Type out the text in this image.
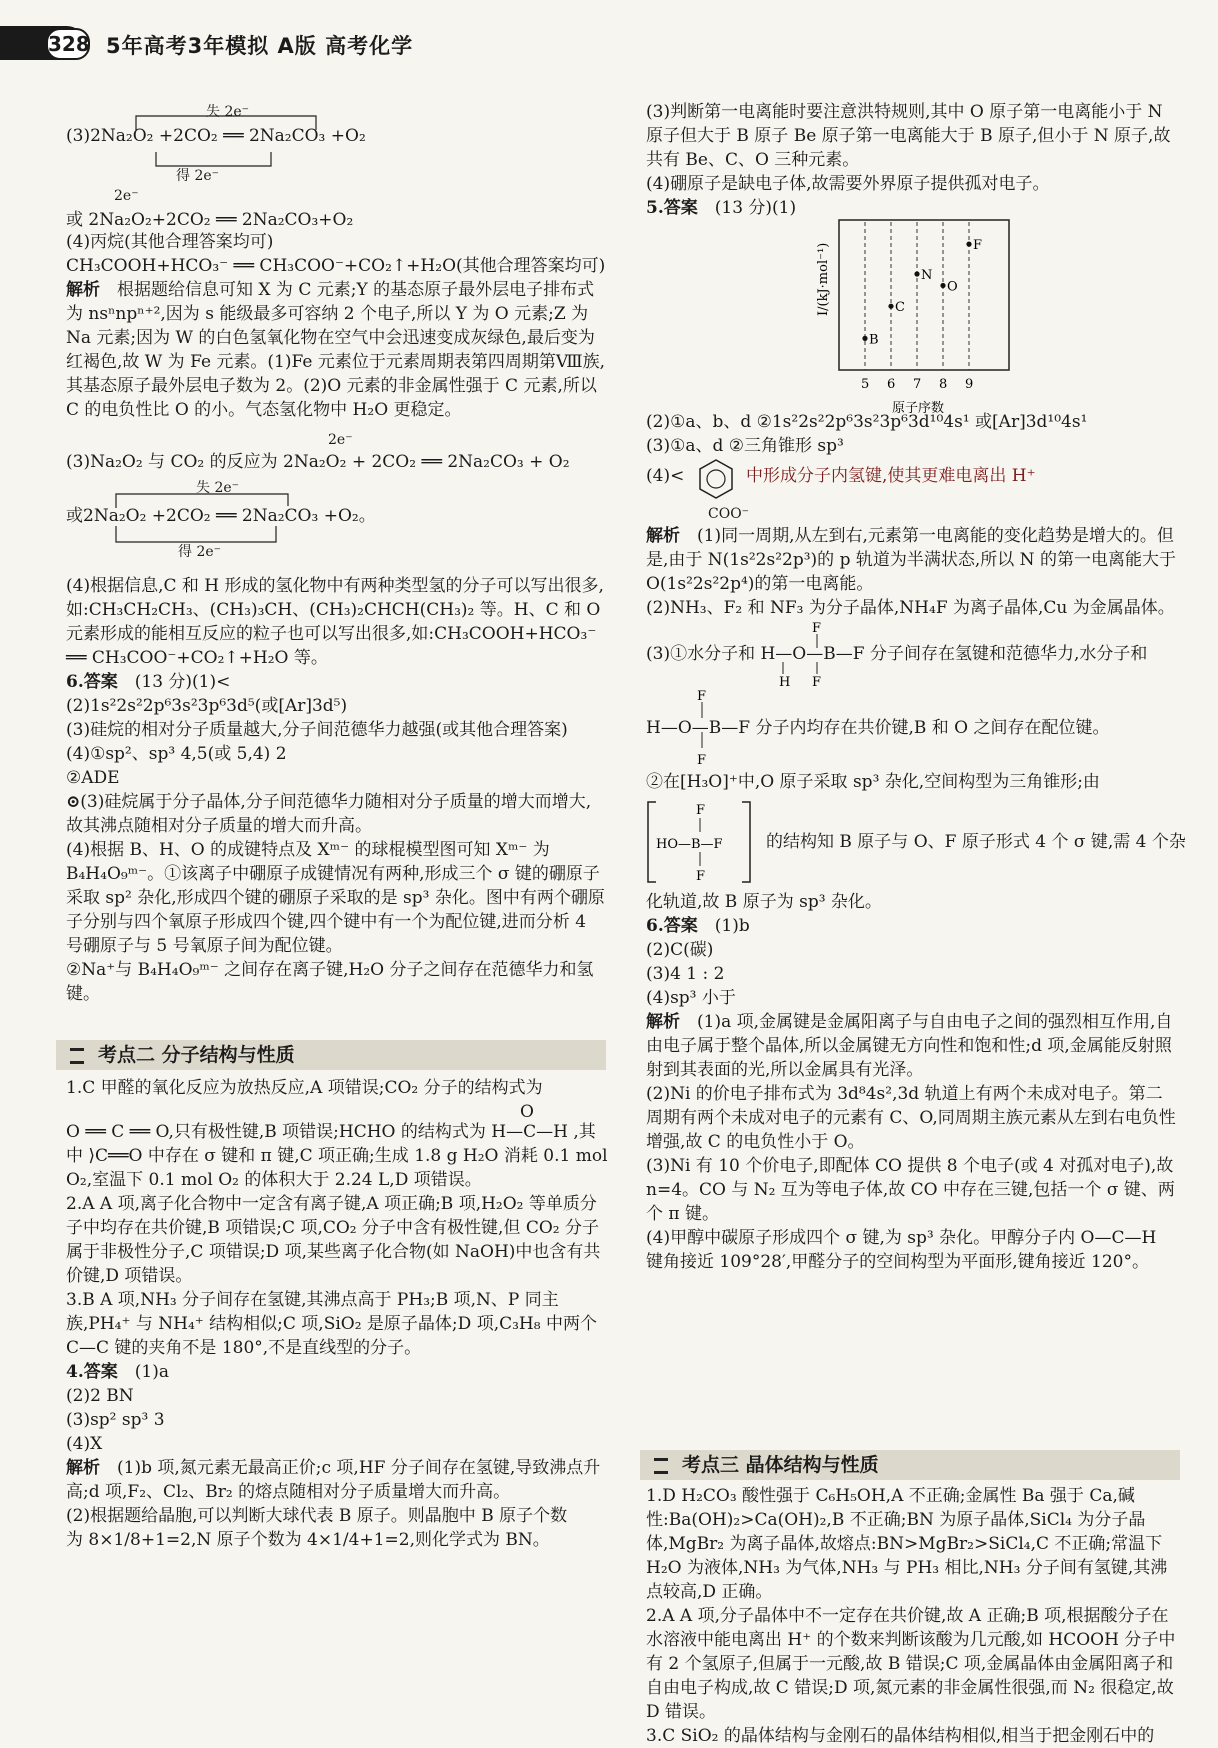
328 5年高考3年模拟 A版 高考化学
失 2e⁻
(3)2Na₂O₂ +2CO₂ ══ 2Na₂CO₃ +O₂
得 2e⁻
2e⁻
或 2Na₂O₂+2CO₂ ══ 2Na₂CO₃+O₂
(4)丙烷(其他合理答案均可)
CH₃COOH+HCO₃⁻ ══ CH₃COO⁻+CO₂↑+H₂O(其他合理答案均可)
解析　 根据题给信息可知 X 为 C 元素;Y 的基态原子最外层电子排布式为 nsⁿnpⁿ⁺²,因为 s 能级最多可容纳 2 个电子,所以 Y 为 O 元素;Z 为 Na 元素;因为 W 的白色氢氧化物在空气中会迅速变成灰绿色,最后变为红褐色,故 W 为 Fe 元素。(1)Fe 元素位于元素周期表第四周期第Ⅷ族,其基态原子最外层电子数为 2。(2)O 元素的非金属性强于 C 元素,所以 C 的电负性比 O 的小。气态氢化物中 H₂O 更稳定。
2e⁻
(3)Na₂O₂ 与 CO₂ 的反应为 2Na₂O₂ + 2CO₂ ══ 2Na₂CO₃ + O₂
失 2e⁻
或2Na₂O₂ +2CO₂ ══ 2Na₂CO₃ +O₂。
得 2e⁻
(4)根据信息,C 和 H 形成的氢化物中有两种类型氢的分子可以写出很多,如:CH₃CH₂CH₃、(CH₃)₃CH、(CH₃)₂CHCH(CH₃)₂ 等。H、C 和 O 元素形成的能相互反应的粒子也可以写出很多,如:CH₃COOH+HCO₃⁻ ══ CH₃COO⁻+CO₂↑+H₂O 等。
6.答案　 (13 分)(1)<
(2)1s²2s²2p⁶3s²3p⁶3d⁵(或[Ar]3d⁵)
(3)硅烷的相对分子质量越大,分子间范德华力越强(或其他合理答案)
(4)①sp²、sp³ 4,5(或 5,4) 2
②ADE
⊙(3)硅烷属于分子晶体,分子间范德华力随相对分子质量的增大而增大,故其沸点随相对分子质量的增大而升高。
(4)根据 B、H、O 的成键特点及 Xᵐ⁻ 的球棍模型图可知 Xᵐ⁻ 为 B₄H₄O₉ᵐ⁻。①该离子中硼原子成键情况有两种,形成三个 σ 键的硼原子采取 sp² 杂化,形成四个键的硼原子采取的是 sp³ 杂化。图中有两个硼原子分别与四个氧原子形成四个键,四个键中有一个为配位键,进而分析 4 号硼原子与 5 号氧原子间为配位键。
②Na⁺与 B₄H₄O₉ᵐ⁻ 之间存在离子键,H₂O 分子之间存在范德华力和氢键。
考点二 分子结构与性质
1.C 甲醛的氧化反应为放热反应,A 项错误;CO₂ 分子的结构式为
O
O ══ C ══ O,只有极性键,B 项错误;HCHO 的结构式为 H—C—H ,其
中 ⟩C══O 中存在 σ 键和 π 键,C 项正确;生成 1.8 g H₂O 消耗 0.1 mol
O₂,室温下 0.1 mol O₂ 的体积大于 2.24 L,D 项错误。
2.A A 项,离子化合物中一定含有离子键,A 项正确;B 项,H₂O₂ 等单质分子中均存在共价键,B 项错误;C 项,CO₂ 分子中含有极性键,但 CO₂ 分子属于非极性分子,C 项错误;D 项,某些离子化合物(如 NaOH)中也含有共价键,D 项错误。
3.B A 项,NH₃ 分子间存在氢键,其沸点高于 PH₃;B 项,N、P 同主族,PH₄⁺ 与 NH₄⁺ 结构相似;C 项,SiO₂ 是原子晶体;D 项,C₃H₈ 中两个 C—C 键的夹角不是 180°,不是直线型的分子。
4.答案　 (1)a
(2)2 BN
(3)sp² sp³ 3
(4)X
解析　 (1)b 项,氮元素无最高正价;c 项,HF 分子间存在氢键,导致沸点升高;d 项,F₂、Cl₂、Br₂ 的熔点随相对分子质量增大而升高。
(2)根据题给晶胞,可以判断大球代表 B 原子。则晶胞中 B 原子个数
为 8×1/8+1=2,N 原子个数为 4×1/4+1=2,则化学式为 BN。
(3)判断第一电离能时要注意洪特规则,其中 O 原子第一电离能小于 N 原子但大于 B 原子 Be 原子第一电离能大于 B 原子,但小于 N 原子,故共有 Be、C、O 三种元素。
(4)硼原子是缺电子体,故需要外界原子提供孤对电子。
5.答案　 (13 分)(1)
I/(kJ·mol⁻¹)
5 6 7 8 9
B
C
N
O
F
原子序数
(2)①a、b、d ②1s²2s²2p⁶3s²3p⁶3d¹⁰4s¹ 或[Ar]3d¹⁰4s¹
(3)①a、d ②三角锥形 sp³
(4)<	中形成分子内氢键,使其更难电离出 H⁺
COO⁻
解析　 (1)同一周期,从左到右,元素第一电离能的变化趋势是增大的。但是,由于 N(1s²2s²2p³)的 p 轨道为半满状态,所以 N 的第一电离能大于 O(1s²2s²2p⁴)的第一电离能。
(2)NH₃、F₂ 和 NF₃ 为分子晶体,NH₄F 为离子晶体,Cu 为金属晶体。
F
H F
(3)①水分子和 H—O—B—F 分子间存在氢键和范德华力,水分子和
F
F
H—O—B—F 分子内均存在共价键,B 和 O 之间存在配位键。
②在[H₃O]⁺中,O 原子采取 sp³ 杂化,空间构型为三角锥形;由
F
HO—B—F
F
的结构知 B 原子与 O、F 原子形式 4 个 σ 键,需 4 个杂
化轨道,故 B 原子为 sp³ 杂化。
6.答案　 (1)b
(2)C(碳)
(3)4 1 : 2
(4)sp³ 小于
解析　 (1)a 项,金属键是金属阳离子与自由电子之间的强烈相互作用,自由电子属于整个晶体,所以金属键无方向性和饱和性;d 项,金属能反射照射到其表面的光,所以金属具有光泽。
(2)Ni 的价电子排布式为 3d⁸4s²,3d 轨道上有两个未成对电子。第二周期有两个未成对电子的元素有 C、O,同周期主族元素从左到右电负性增强,故 C 的电负性小于 O。
(3)Ni 有 10 个价电子,即配体 CO 提供 8 个电子(或 4 对孤对电子),故 n=4。CO 与 N₂ 互为等电子体,故 CO 中存在三键,包括一个 σ 键、两个 π 键。
(4)甲醇中碳原子形成四个 σ 键,为 sp³ 杂化。甲醇分子内 O—C—H 键角接近 109°28′,甲醛分子的空间构型为平面形,键角接近 120°。
考点三 晶体结构与性质
1.D H₂CO₃ 酸性强于 C₆H₅OH,A 不正确;金属性 Ba 强于 Ca,碱性:Ba(OH)₂>Ca(OH)₂,B 不正确;BN 为原子晶体,SiCl₄ 为分子晶体,MgBr₂ 为离子晶体,故熔点:BN>MgBr₂>SiCl₄,C 不正确;常温下 H₂O 为液体,NH₃ 为气体,NH₃ 与 PH₃ 相比,NH₃ 分子间有氢键,其沸点较高,D 正确。
2.A A 项,分子晶体中不一定存在共价键,故 A 正确;B 项,根据酸分子在水溶液中能电离出 H⁺ 的个数来判断该酸为几元酸,如 HCOOH 分子中有 2 个氢原子,但属于一元酸,故 B 错误;C 项,金属晶体由金属阳离子和自由电子构成,故 C 错误;D 项,氮元素的非金属性很强,而 N₂ 很稳定,故 D 错误。
3.C SiO₂ 的晶体结构与金刚石的晶体结构相似,相当于把金刚石中的
